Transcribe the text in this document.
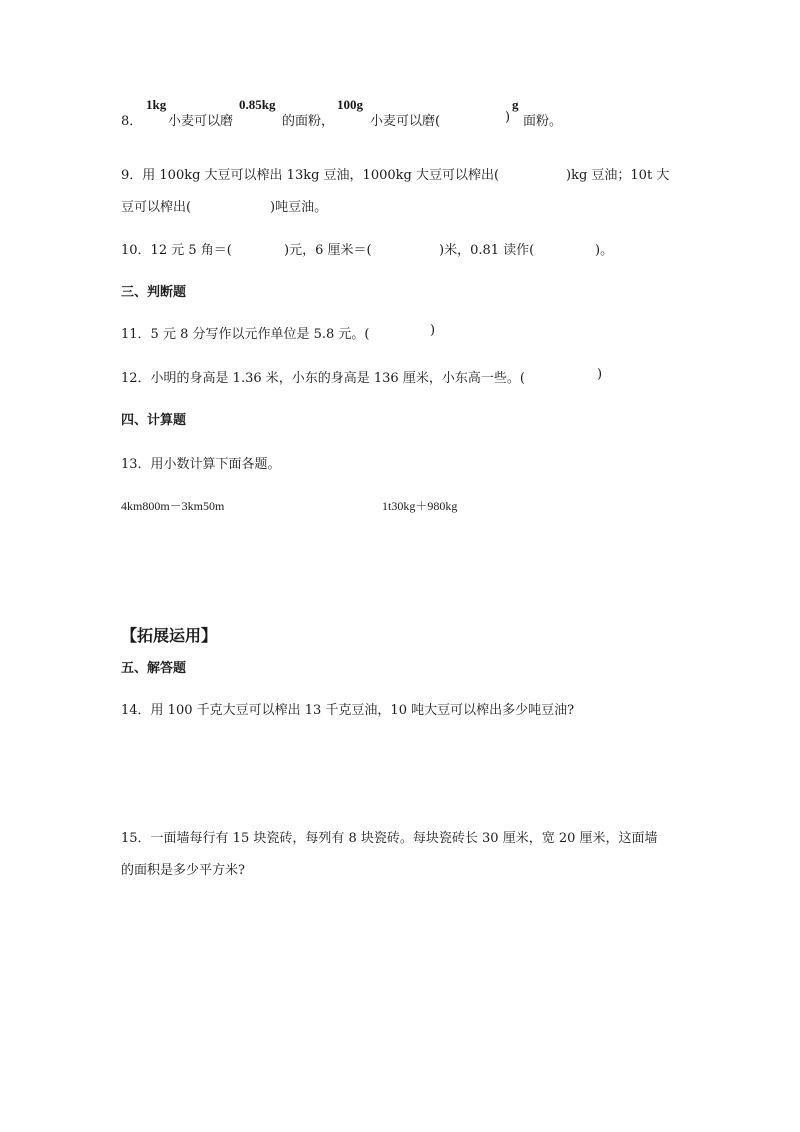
8．
1kg
小麦可以磨
0.85kg
的面粉，
100g
小麦可以磨(	)
g
面粉。
9．用 100kg 大豆可以榨出 13kg 豆油，1000kg 大豆可以榨出(	)kg 豆油；10t 大
豆可以榨出(	)吨豆油。
10．12 元 5 角＝(	)元，6 厘米＝(	)米，0.81 读作(	)。
三、判断题
11．5 元 8 分写作以元作单位是 5.8 元。(	)
12．小明的身高是 1.36 米，小东的身高是 136 厘米，小东高一些。(	)
四、计算题
13．用小数计算下面各题。
4km800m－3km50m	1t30kg＋980kg
【拓展运用】
五、解答题
14．用 100 千克大豆可以榨出 13 千克豆油，10 吨大豆可以榨出多少吨豆油?
15．一面墙每行有 15 块瓷砖，每列有 8 块瓷砖。每块瓷砖长 30 厘米，宽 20 厘米，这面墙
的面积是多少平方米?
